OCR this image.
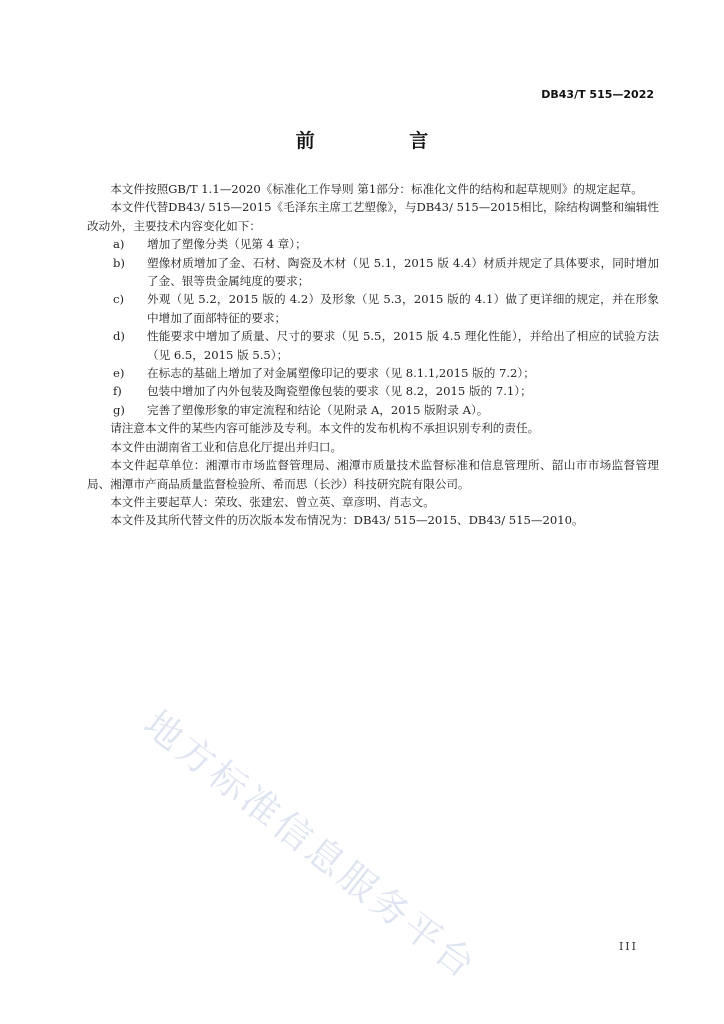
DB43/T 515—2022
前 言

本文件按照GB/T 1.1—2020《标准化工作导则 第1部分：标准化文件的结构和起草规则》的规定起草。

本文件代替DB43/ 515—2015《毛泽东主席工艺塑像》，与DB43/ 515—2015相比，除结构调整和编辑性改动外，主要技术内容变化如下：

a)	增加了塑像分类（见第 4 章）；
b)	塑像材质增加了金、石材、陶瓷及木材（见 5.1，2015 版 4.4）材质并规定了具体要求，同时增加了金、银等贵金属纯度的要求；
c)	外观（见 5.2，2015 版的 4.2）及形象（见 5.3，2015 版的 4.1）做了更详细的规定，并在形象中增加了面部特征的要求；
d)	性能要求中增加了质量、尺寸的要求（见 5.5，2015 版 4.5 理化性能），并给出了相应的试验方法（见 6.5，2015 版 5.5）；
e)	在标志的基础上增加了对金属塑像印记的要求（见 8.1.1,2015 版的 7.2）；
f)	包装中增加了内外包装及陶瓷塑像包装的要求（见 8.2，2015 版的 7.1）；
g)	完善了塑像形象的审定流程和结论（见附录 A，2015 版附录 A）。

请注意本文件的某些内容可能涉及专利。本文件的发布机构不承担识别专利的责任。

本文件由湖南省工业和信息化厅提出并归口。

本文件起草单位：湘潭市市场监督管理局、湘潭市质量技术监督标准和信息管理所、韶山市市场监督管理局、湘潭市产商品质量监督检验所、希而思（长沙）科技研究院有限公司。

本文件主要起草人：荣玫、张建宏、曾立英、章彦明、肖志文。

本文件及其所代替文件的历次版本发布情况为：DB43/ 515—2015、DB43/ 515—2010。

地方标准信息服务平台	III
